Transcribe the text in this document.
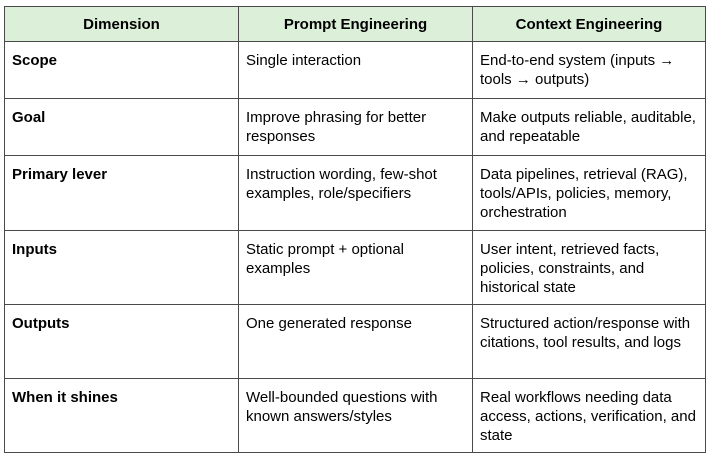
Dimension	Prompt Engineering	Context Engineering
Scope	Single interaction	End-to-end system (inputs → tools → outputs)
Goal	Improve phrasing for better responses	Make outputs reliable, auditable, and repeatable
Primary lever	Instruction wording, few-shot examples, role/specifiers	Data pipelines, retrieval (RAG), tools/APIs, policies, memory, orchestration
Inputs	Static prompt + optional examples	User intent, retrieved facts, policies, constraints, and historical state
Outputs	One generated response	Structured action/response with citations, tool results, and logs
When it shines	Well-bounded questions with known answers/styles	Real workflows needing data access, actions, verification, and state
